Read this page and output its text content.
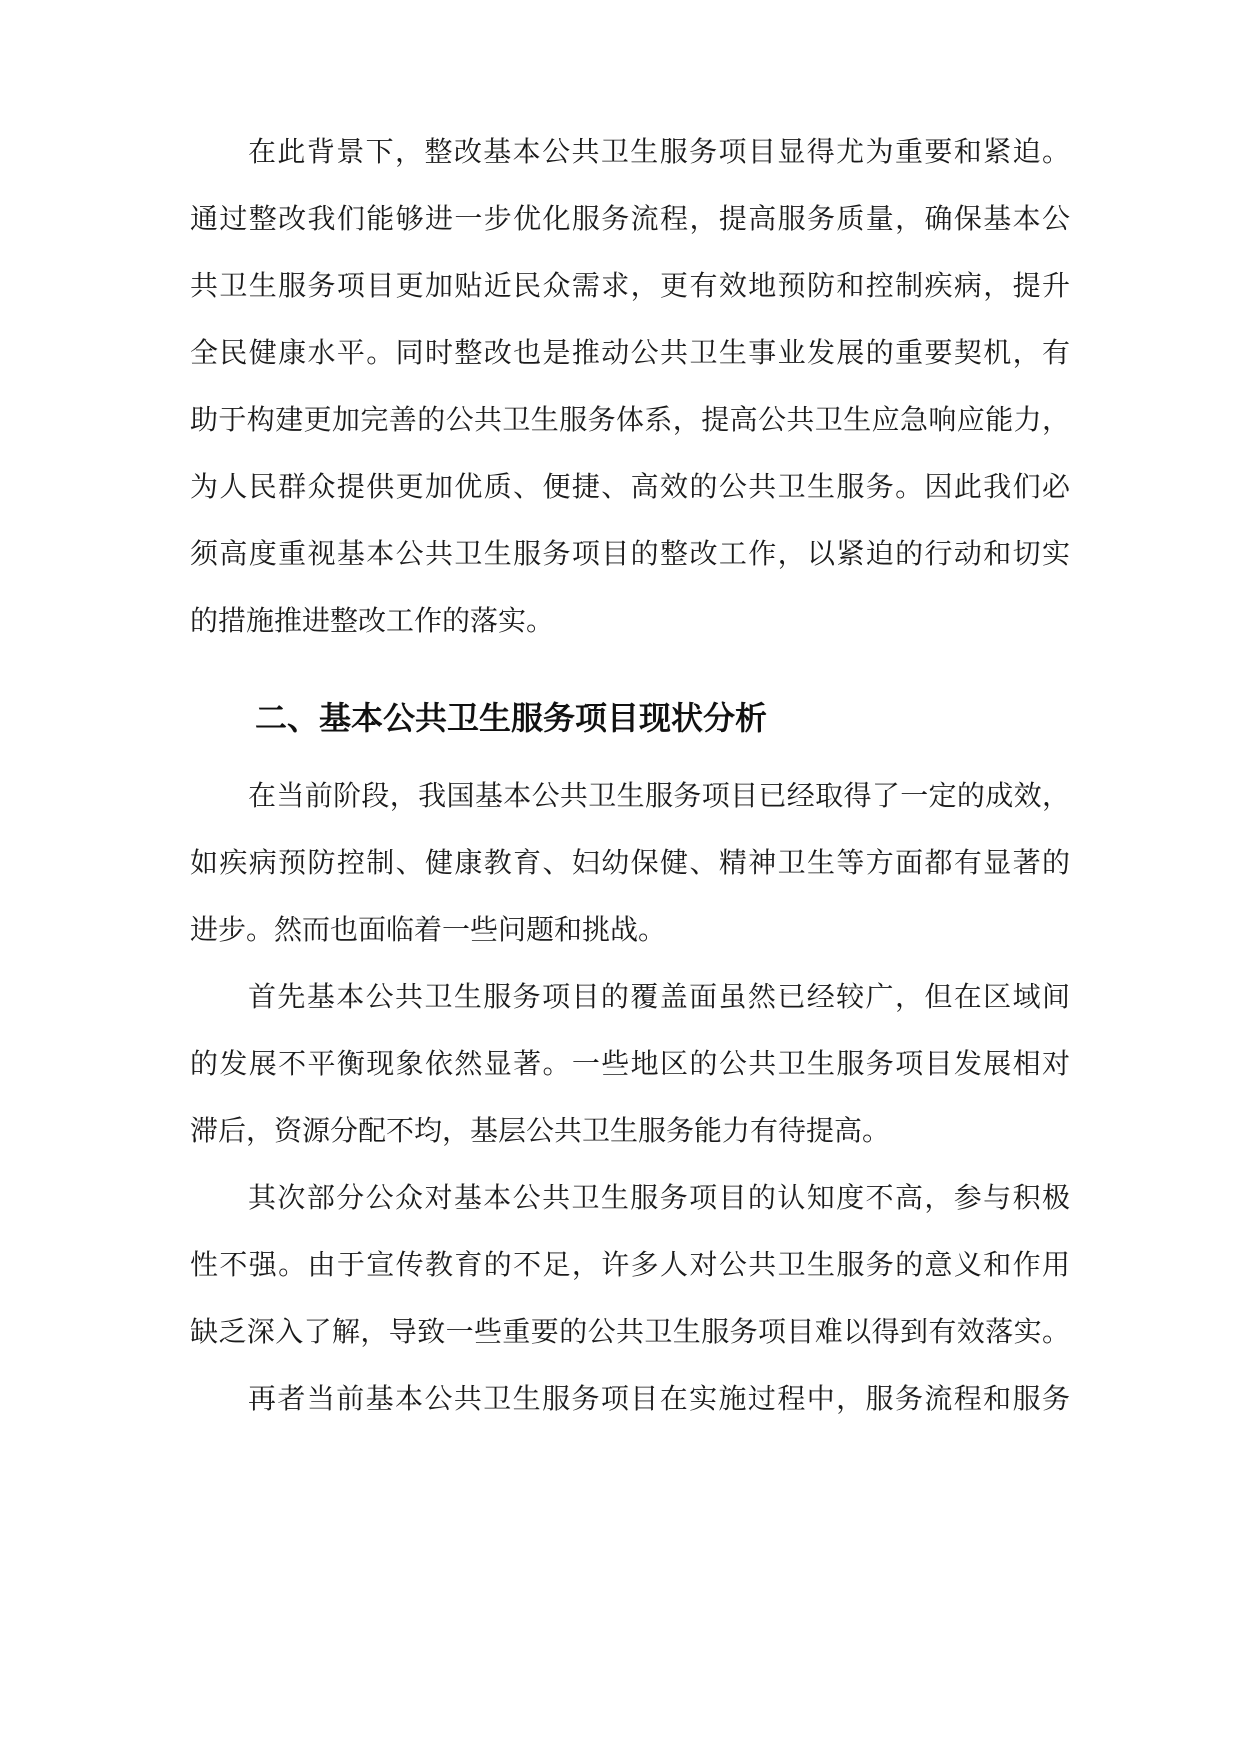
在此背景下，整改基本公共卫生服务项目显得尤为重要和紧迫。
通过整改我们能够进一步优化服务流程，提高服务质量，确保基本公
共卫生服务项目更加贴近民众需求，更有效地预防和控制疾病，提升
全民健康水平。同时整改也是推动公共卫生事业发展的重要契机，有
助于构建更加完善的公共卫生服务体系，提高公共卫生应急响应能力，
为人民群众提供更加优质、便捷、高效的公共卫生服务。因此我们必
须高度重视基本公共卫生服务项目的整改工作，以紧迫的行动和切实
的措施推进整改工作的落实。
二、基本公共卫生服务项目现状分析
在当前阶段，我国基本公共卫生服务项目已经取得了一定的成效，
如疾病预防控制、健康教育、妇幼保健、精神卫生等方面都有显著的
进步。然而也面临着一些问题和挑战。
首先基本公共卫生服务项目的覆盖面虽然已经较广，但在区域间
的发展不平衡现象依然显著。一些地区的公共卫生服务项目发展相对
滞后，资源分配不均，基层公共卫生服务能力有待提高。
其次部分公众对基本公共卫生服务项目的认知度不高，参与积极
性不强。由于宣传教育的不足，许多人对公共卫生服务的意义和作用
缺乏深入了解，导致一些重要的公共卫生服务项目难以得到有效落实。
再者当前基本公共卫生服务项目在实施过程中，服务流程和服务
